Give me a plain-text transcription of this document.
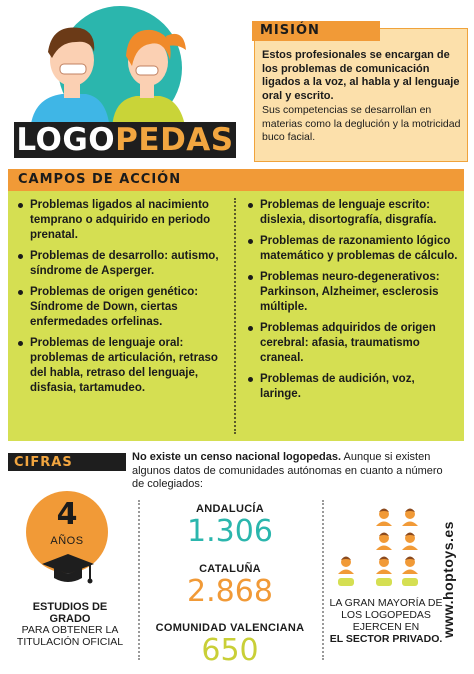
LOGOPEDAS
MISIÓN
Estos profesionales se encargan de los problemas de comunicación ligados a la voz, al habla y al lenguaje oral y escrito.
Sus competencias se desarrollan en materias como la deglución y la motricidad buco facial.
CAMPOS DE ACCIÓN
Problemas ligados al nacimiento temprano o adquirido en periodo prenatal.
Problemas de desarrollo: autismo, síndrome de Asperger.
Problemas de origen genético: Síndrome de Down, ciertas enfermedades orfelinas.
Problemas de lenguaje oral: problemas de articulación, retraso del habla, retraso del lenguaje, disfasia, tartamudeo.
Problemas de lenguaje escrito: dislexia, disortografía, disgrafía.
Problemas de razonamiento lógico matemático y problemas de cálculo.
Problemas neuro-degenerativos: Parkinson, Alzheimer, esclerosis múltiple.
Problemas adquiridos de origen cerebral: afasia, traumatismo craneal.
Problemas de audición, voz, laringe.
CIFRAS	No existe un censo nacional logopedas. Aunque si existen algunos datos de comunidades autónomas en cuanto a número de colegiados:
4
AÑOS
ESTUDIOS DE GRADO
PARA OBTENER LA TITULACIÓN OFICIAL
ANDALUCÍA
1.306
CATALUÑA
2.868
COMUNIDAD VALENCIANA
650
LA GRAN MAYORÍA DE LOS LOGOPEDAS EJERCEN EN
EL SECTOR PRIVADO.
www.hoptoys.es
